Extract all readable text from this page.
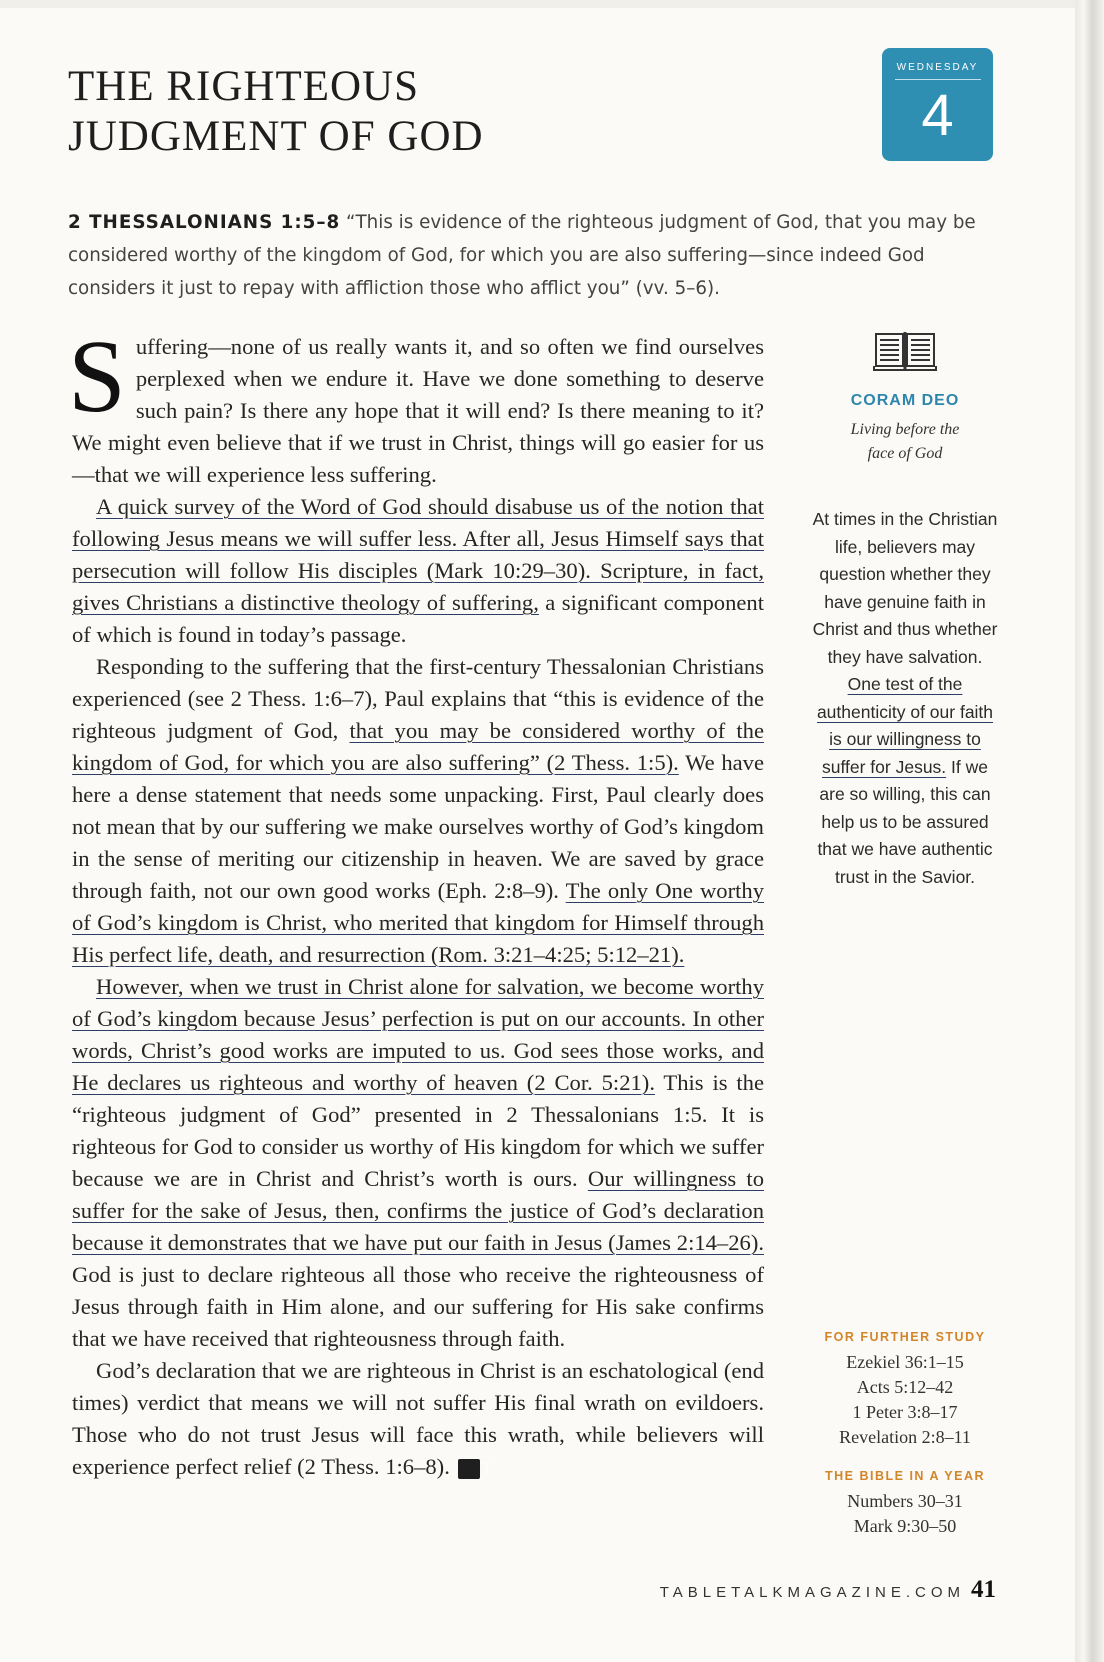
THE RIGHTEOUS
JUDGMENT OF GOD
WEDNESDAY
4

2 THESSALONIANS 1:5–8 “This is evidence of the righteous judgment of God, that you may be considered worthy of the kingdom of God, for which you are also suffering—since indeed God considers it just to repay with affliction those who afflict you” (vv. 5–6).

Suffering—none of us really wants it, and so often we find ourselves perplexed when we endure it. Have we done something to deserve such pain? Is there any hope that it will end? Is there meaning to it? We might even believe that if we trust in Christ, things will go easier for us—that we will experience less suffering.

A quick survey of the Word of God should disabuse us of the notion that following Jesus means we will suffer less. After all, Jesus Himself says that persecution will follow His disciples (Mark 10:29–30). Scripture, in fact, gives Christians a distinctive theology of suffering, a significant component of which is found in today’s passage.

Responding to the suffering that the first-century Thessalonian Christians experienced (see 2 Thess. 1:6–7), Paul explains that “this is evidence of the righteous judgment of God, that you may be considered worthy of the kingdom of God, for which you are also suffering” (2 Thess. 1:5). We have here a dense statement that needs some unpacking. First, Paul clearly does not mean that by our suffering we make ourselves worthy of God’s kingdom in the sense of meriting our citizenship in heaven. We are saved by grace through faith, not our own good works (Eph. 2:8–9). The only One worthy of God’s kingdom is Christ, who merited that kingdom for Himself through His perfect life, death, and resurrection (Rom. 3:21–4:25; 5:12–21).

However, when we trust in Christ alone for salvation, we become worthy of God’s kingdom because Jesus’ perfection is put on our accounts. In other words, Christ’s good works are imputed to us. God sees those works, and He declares us righteous and worthy of heaven (2 Cor. 5:21). This is the “righteous judgment of God” presented in 2 Thessalonians 1:5. It is righteous for God to consider us worthy of His kingdom for which we suffer because we are in Christ and Christ’s worth is ours. Our willingness to suffer for the sake of Jesus, then, confirms the justice of God’s declaration because it demonstrates that we have put our faith in Jesus (James 2:14–26). God is just to declare righteous all those who receive the righteousness of Jesus through faith in Him alone, and our suffering for His sake confirms that we have received that righteousness through faith.

God’s declaration that we are righteous in Christ is an eschatological (end times) verdict that means we will not suffer His final wrath on evildoers. Those who do not trust Jesus will face this wrath, while believers will experience perfect relief (2 Thess. 1:6–8). T

CORAM DEO
Living before the
face of God
At times in the Christian life, believers may question whether they have genuine faith in Christ and thus whether they have salvation. One test of the authenticity of our faith is our willingness to suffer for Jesus. If we are so willing, this can help us to be assured that we have authentic trust in the Savior.
FOR FURTHER STUDY
Ezekiel 36:1–15
Acts 5:12–42
1 Peter 3:8–17
Revelation 2:8–11
THE BIBLE IN A YEAR
Numbers 30–31
Mark 9:30–50
TABLETALKMAGAZINE.COM 41
